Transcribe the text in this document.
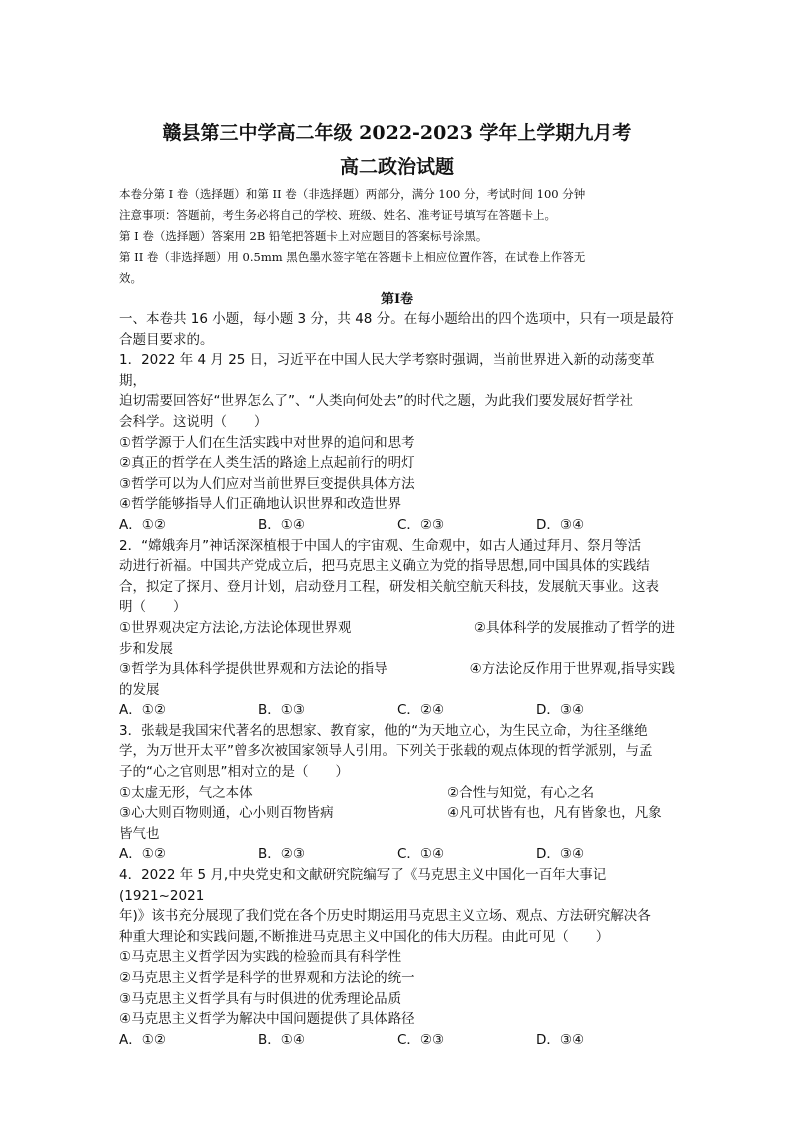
赣县第三中学高二年级 2022-2023 学年上学期九月考
高二政治试题

本卷分第 I 卷（选择题）和第 II 卷（非选择题）两部分，满分 100 分，考试时间 100 分钟

注意事项：答题前，考生务必将自己的学校、班级、姓名、准考证号填写在答题卡上。

第 I 卷（选择题）答案用 2B 铅笔把答题卡上对应题目的答案标号涂黑。

第 II 卷（非选择题）用 0.5mm 黑色墨水签字笔在答题卡上相应位置作答，在试卷上作答无

效。

第Ⅰ卷

一、本卷共 16 小题，每小题 3 分，共 48 分。在每小题给出的四个选项中，只有一项是最符

合题目要求的。

1．2022 年 4 月 25 日，习近平在中国人民大学考察时强调，当前世界进入新的动荡变革期，

迫切需要回答好“世界怎么了”、“人类向何处去”的时代之题，为此我们要发展好哲学社

会科学。这说明（　　）

①哲学源于人们在生活实践中对世界的追问和思考

②真正的哲学在人类生活的路途上点起前行的明灯

③哲学可以为人们应对当前世界巨变提供具体方法

④哲学能够指导人们正确地认识世界和改造世界

A．①②	B．①④	C．②③	D．③④

2．“嫦娥奔月”神话深深植根于中国人的宇宙观、生命观中，如古人通过拜月、祭月等活

动进行祈福。中国共产党成立后，把马克思主义确立为党的指导思想,同中国具体的实践结

合，拟定了探月、登月计划，启动登月工程，研发相关航空航天科技，发展航天事业。这表

明（　　）

①世界观决定方法论,方法论体现世界观	②具体科学的发展推动了哲学的进

步和发展

③哲学为具体科学提供世界观和方法论的指导	④方法论反作用于世界观,指导实践

的发展

A．①②	B．①③	C．②④	D．③④

3．张载是我国宋代著名的思想家、教育家，他的“为天地立心，为生民立命，为往圣继绝

学，为万世开太平”曾多次被国家领导人引用。下列关于张载的观点体现的哲学派别，与孟

子的“心之官则思”相对立的是（　　）

①太虚无形，气之本体	②合性与知觉，有心之名
③心大则百物则通，心小则百物皆病	④凡可状皆有也，凡有皆象也，凡象

皆气也

A．①②	B．②③	C．①④	D．③④

4．2022 年 5 月,中央党史和文献研究院编写了《马克思主义中国化一百年大事记(1921~2021

年)》该书充分展现了我们党在各个历史时期运用马克思主义立场、观点、方法研究解决各

种重大理论和实践问题,不断推进马克思主义中国化的伟大历程。由此可见（　　）

①马克思主义哲学因为实践的检验而具有科学性

②马克思主义哲学是科学的世界观和方法论的统一

③马克思主义哲学具有与时俱进的优秀理论品质

④马克思主义哲学为解决中国问题提供了具体路径

A．①②	B．①④	C．②③	D．③④
